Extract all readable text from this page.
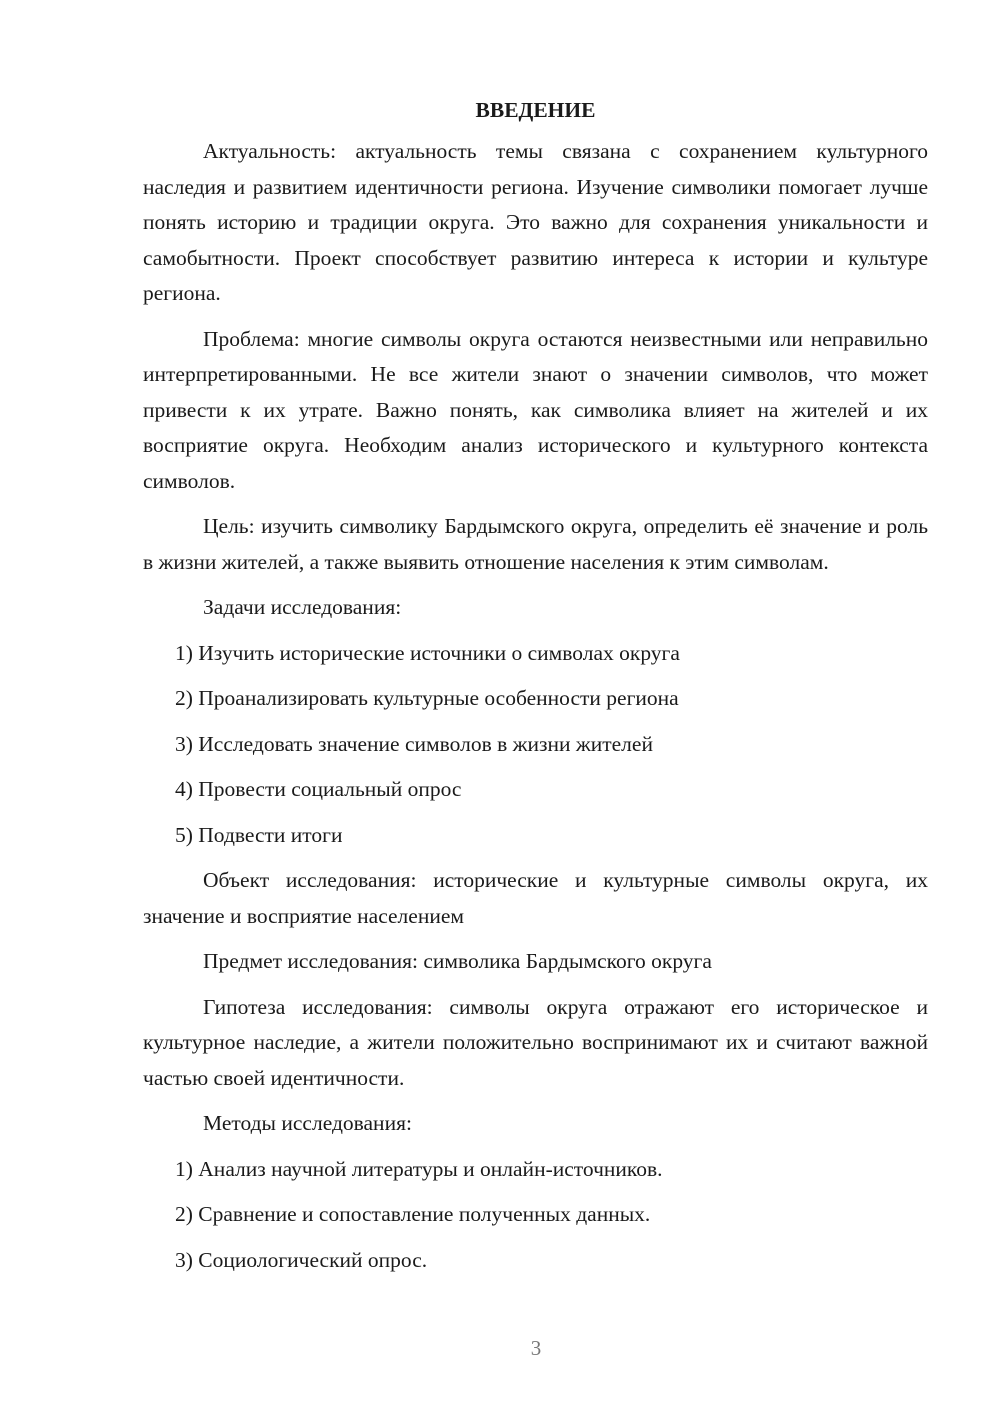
ВВЕДЕНИЕ

Актуальность: актуальность темы связана с сохранением культурного наследия и развитием идентичности региона. Изучение символики помогает лучше понять историю и традиции округа. Это важно для сохранения уникальности и самобытности. Проект способствует развитию интереса к истории и культуре региона.

Проблема: многие символы округа остаются неизвестными или неправильно интерпретированными. Не все жители знают о значении символов, что может привести к их утрате. Важно понять, как символика влияет на жителей и их восприятие округа. Необходим анализ исторического и культурного контекста символов.

Цель: изучить символику Бардымского округа, определить её значение и роль в жизни жителей, а также выявить отношение населения к этим символам.

Задачи исследования:

1) Изучить исторические источники о символах округа

2) Проанализировать культурные особенности региона

3) Исследовать значение символов в жизни жителей

4) Провести социальный опрос

5) Подвести итоги

Объект исследования: исторические и культурные символы округа, их значение и восприятие населением

Предмет исследования: символика Бардымского округа

Гипотеза исследования: символы округа отражают его историческое и культурное наследие, а жители положительно воспринимают их и считают важной частью своей идентичности.

Методы исследования:

1) Анализ научной литературы и онлайн-источников.

2) Сравнение и сопоставление полученных данных.

3) Социологический опрос.

3
